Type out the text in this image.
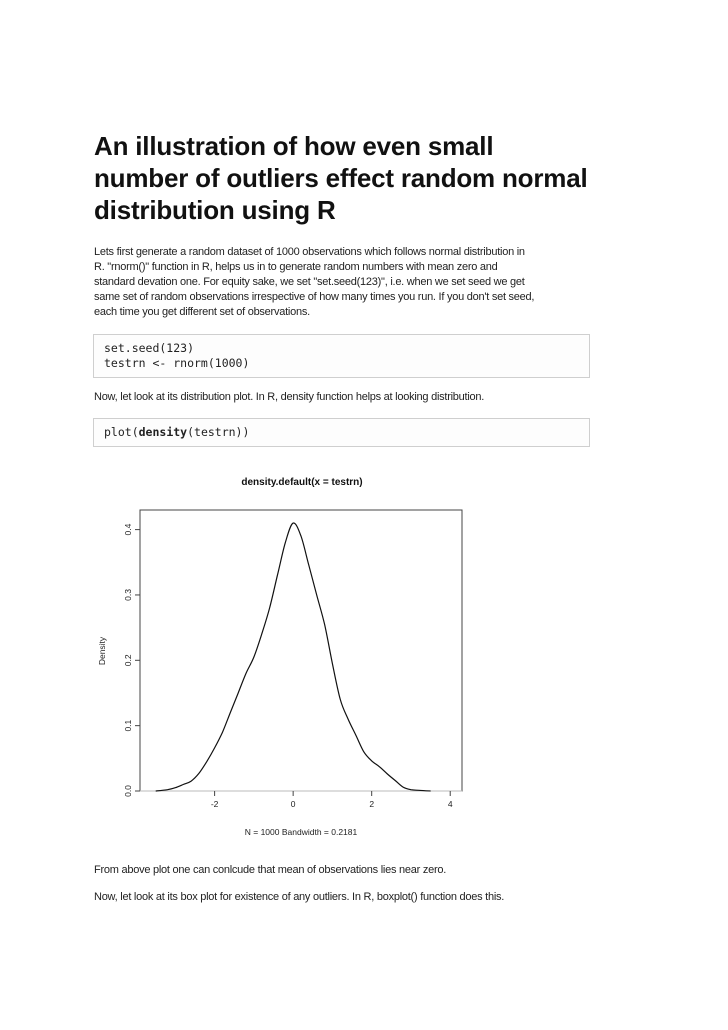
An illustration of how even small
number of outliers effect random normal
distribution using R

Lets first generate a random dataset of 1000 observations which follows normal distribution in
R. "rnorm()" function in R, helps us in to generate random numbers with mean zero and
standard devation one. For equity sake, we set "set.seed(123)", i.e. when we set seed we get
same set of random observations irrespective of how many times you run. If you don't set seed,
each time you get different set of observations.

set.seed(123)
testrn <- rnorm(1000)

Now, let look at its distribution plot. In R, density function helps at looking distribution.

plot(density(testrn))
density.default(x = testrn)
-2	0	2	4
0.0
0.1
0.2
0.3
0.4
N = 1000 Bandwidth = 0.2181
Density

From above plot one can conlcude that mean of observations lies near zero.

Now, let look at its box plot for existence of any outliers. In R, boxplot() function does this.
